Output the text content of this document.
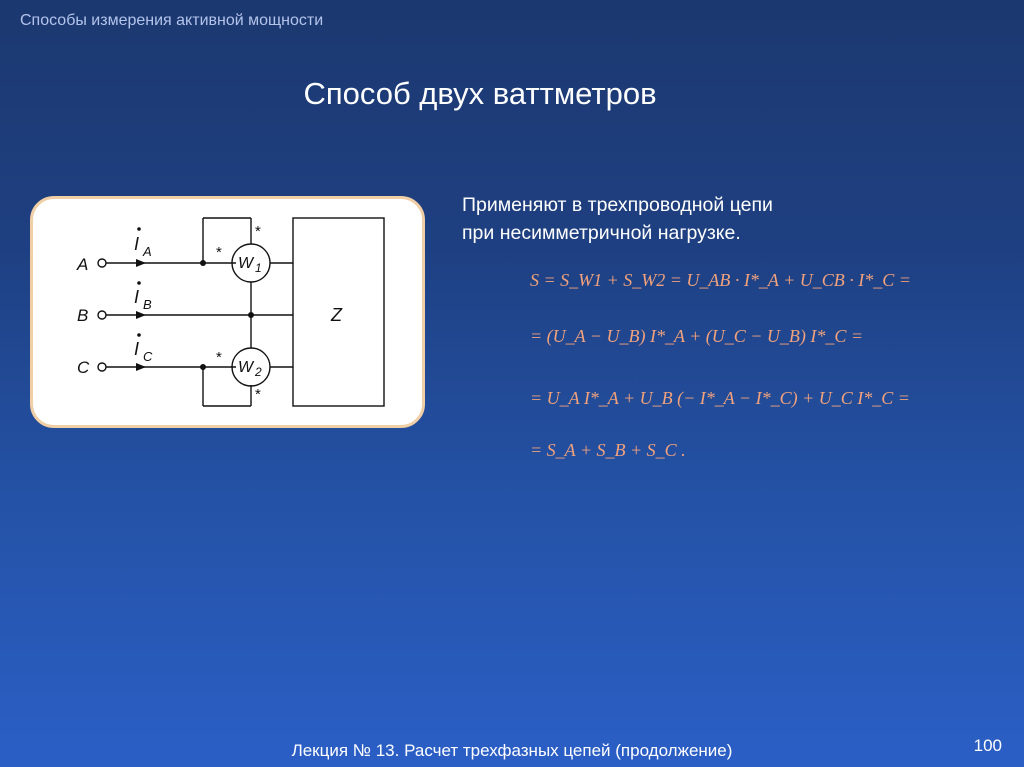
Способы измерения активной мощности
Способ двух ваттметров
A
B
C
I A
I B
I C
W 1
W 2
Z
*
*
*
*
Применяют в трехпроводной цепи
при несимметричной нагрузке.
S = S_W1 + S_W2 = U_AB · I*_A + U_CB · I*_C =
= (U_A − U_B) I*_A + (U_C − U_B) I*_C =
= U_A I*_A + U_B (− I*_A − I*_C) + U_C I*_C =
= S_A + S_B + S_C .
Лекция № 13. Расчет трехфазных цепей (продолжение)	100
